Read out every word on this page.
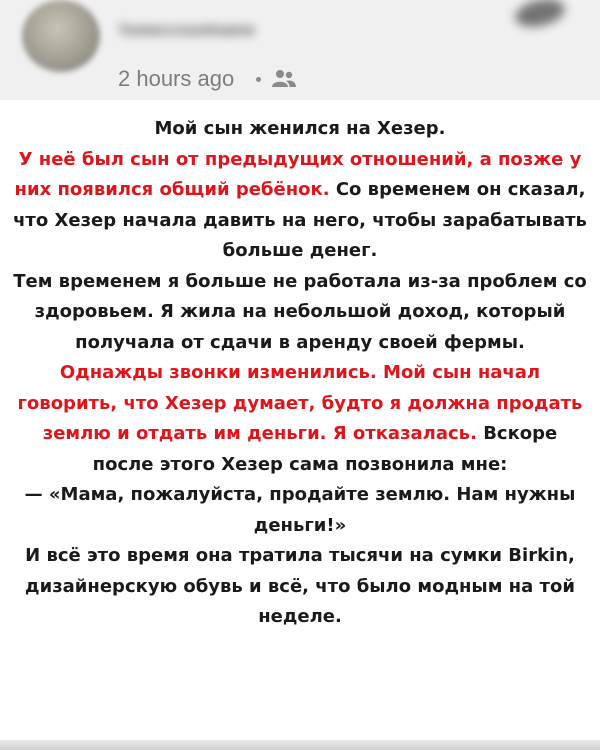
Yumeccountname
2 hours ago

Мой сын женился на Хезер.
У неё был сын от предыдущих отношений, а позже у них появился общий ребёнок. Со временем он сказал, что Хезер начала давить на него, чтобы зарабатывать больше денег.
Тем временем я больше не работала из-за проблем со здоровьем. Я жила на небольшой доход, который получала от сдачи в аренду своей фермы.
Однажды звонки изменились. Мой сын начал говорить, что Хезер думает, будто я должна продать землю и отдать им деньги. Я отказалась. Вскоре после этого Хезер сама позвонила мне:
— «Мама, пожалуйста, продайте землю. Нам нужны деньги!»
И всё это время она тратила тысячи на сумки Birkin, дизайнерскую обувь и всё, что было модным на той неделе.
